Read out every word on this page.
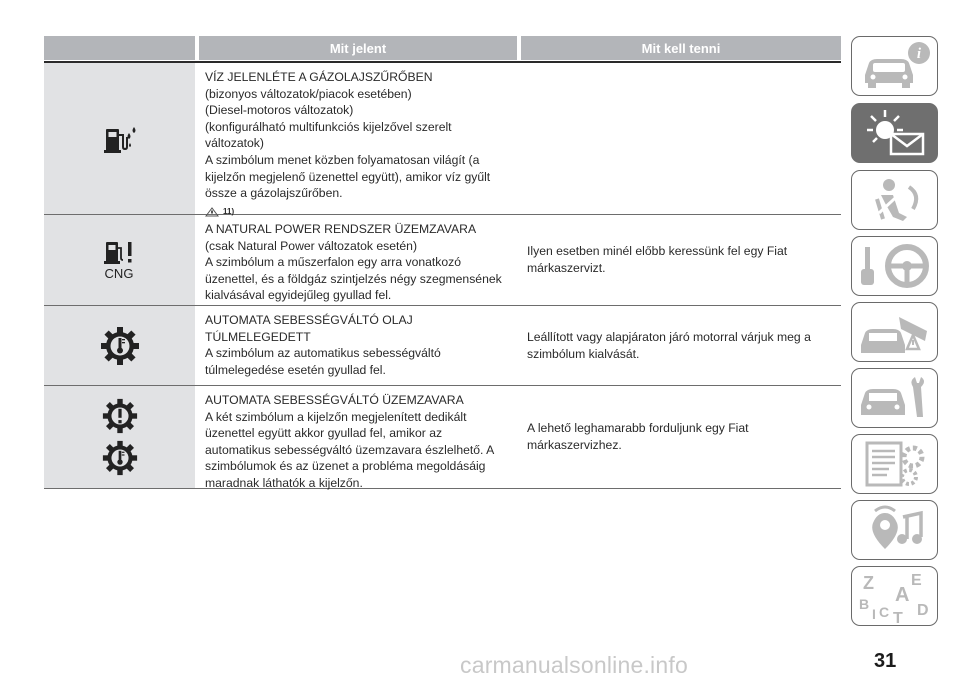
Mit jelent	Mit kell tenni
VÍZ JELENLÉTE A GÁZOLAJSZŰRŐBEN
(bizonyos változatok/piacok esetében)
(Diesel-motoros változatok)
(konfigurálható multifunkciós kijelzővel szerelt
változatok)
A szimbólum menet közben folyamatosan világít (a
kijelzőn megjelenő üzenettel együtt), amikor víz gyűlt
össze a gázolajszűrőben.
11)
CNG
A NATURAL POWER RENDSZER ÜZEMZAVARA
(csak Natural Power változatok esetén)
A szimbólum a műszerfalon egy arra vonatkozó
üzenettel, és a földgáz szintjelzés négy szegmensének
kialvásával egyidejűleg gyullad fel.
Ilyen esetben minél előbb keressünk fel egy Fiat
márkaszervizt.
AUTOMATA SEBESSÉGVÁLTÓ OLAJ
TÚLMELEGEDETT
A szimbólum az automatikus sebességváltó
túlmelegedése esetén gyullad fel.
Leállított vagy alapjáraton járó motorral várjuk meg a
szimbólum kialvását.
AUTOMATA SEBESSÉGVÁLTÓ ÜZEMZAVARA
A két szimbólum a kijelzőn megjelenített dedikált
üzenettel együtt akkor gyullad fel, amikor az
automatikus sebességváltó üzemzavara észlelhető. A
szimbólumok és az üzenet a probléma megoldásáig
maradnak láthatók a kijelzőn.
A lehető leghamarabb forduljunk egy Fiat
márkaszervizhez.
i
Z E
A
B C D
T
I
carmanualsonline.info	31
